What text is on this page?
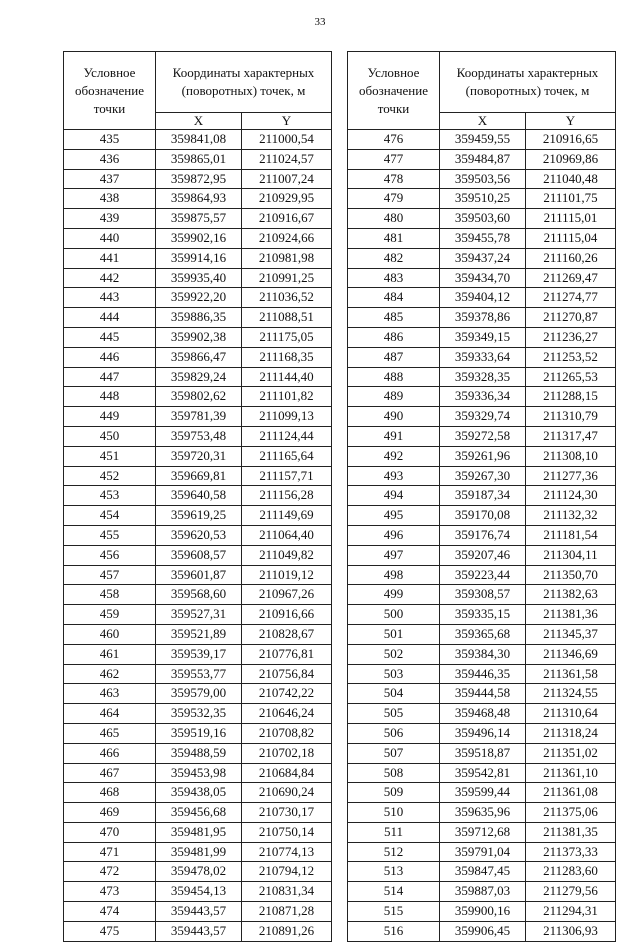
33
Условное обозначение точки	Координаты характерных (поворотных) точек, м	
	X	Y
435	359841,08	211000,54
436	359865,01	211024,57
437	359872,95	211007,24
438	359864,93	210929,95
439	359875,57	210916,67
440	359902,16	210924,66
441	359914,16	210981,98
442	359935,40	210991,25
443	359922,20	211036,52
444	359886,35	211088,51
445	359902,38	211175,05
446	359866,47	211168,35
447	359829,24	211144,40
448	359802,62	211101,82
449	359781,39	211099,13
450	359753,48	211124,44
451	359720,31	211165,64
452	359669,81	211157,71
453	359640,58	211156,28
454	359619,25	211149,69
455	359620,53	211064,40
456	359608,57	211049,82
457	359601,87	211019,12
458	359568,60	210967,26
459	359527,31	210916,66
460	359521,89	210828,67
461	359539,17	210776,81
462	359553,77	210756,84
463	359579,00	210742,22
464	359532,35	210646,24
465	359519,16	210708,82
466	359488,59	210702,18
467	359453,98	210684,84
468	359438,05	210690,24
469	359456,68	210730,17
470	359481,95	210750,14
471	359481,99	210774,13
472	359478,02	210794,12
473	359454,13	210831,34
474	359443,57	210871,28
475	359443,57	210891,26
Условное обозначение точки	Координаты характерных (поворотных) точек, м	
	X	Y
476	359459,55	210916,65
477	359484,87	210969,86
478	359503,56	211040,48
479	359510,25	211101,75
480	359503,60	211115,01
481	359455,78	211115,04
482	359437,24	211160,26
483	359434,70	211269,47
484	359404,12	211274,77
485	359378,86	211270,87
486	359349,15	211236,27
487	359333,64	211253,52
488	359328,35	211265,53
489	359336,34	211288,15
490	359329,74	211310,79
491	359272,58	211317,47
492	359261,96	211308,10
493	359267,30	211277,36
494	359187,34	211124,30
495	359170,08	211132,32
496	359176,74	211181,54
497	359207,46	211304,11
498	359223,44	211350,70
499	359308,57	211382,63
500	359335,15	211381,36
501	359365,68	211345,37
502	359384,30	211346,69
503	359446,35	211361,58
504	359444,58	211324,55
505	359468,48	211310,64
506	359496,14	211318,24
507	359518,87	211351,02
508	359542,81	211361,10
509	359599,44	211361,08
510	359635,96	211375,06
511	359712,68	211381,35
512	359791,04	211373,33
513	359847,45	211283,60
514	359887,03	211279,56
515	359900,16	211294,31
516	359906,45	211306,93
